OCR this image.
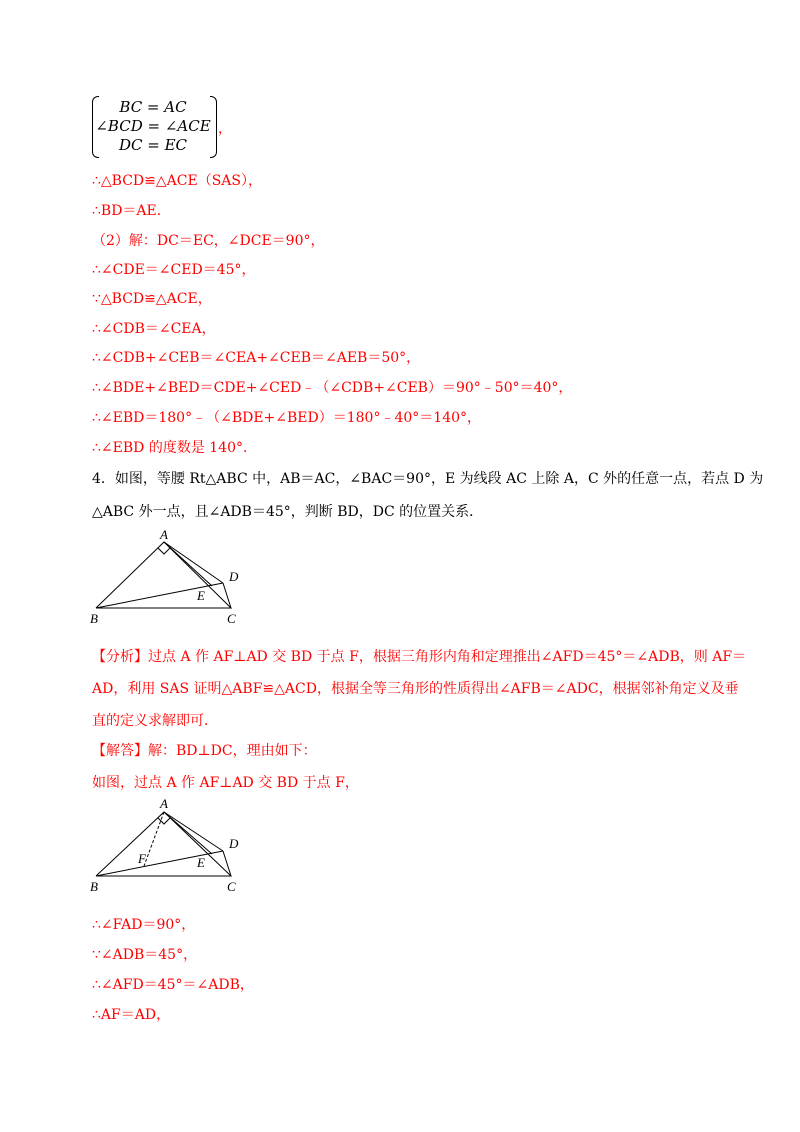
BC = AC
∠BCD = ∠ACE
DC = EC
，
∴△BCD≌△ACE（SAS），
∴BD＝AE．
（2）解：DC＝EC，∠DCE＝90°，
∴∠CDE＝∠CED＝45°，
∵△BCD≌△ACE，
∴∠CDB＝∠CEA，
∴∠CDB+∠CEB＝∠CEA+∠CEB＝∠AEB＝50°，
∴∠BDE+∠BED＝CDE+∠CED﹣（∠CDB+∠CEB）＝90°﹣50°＝40°，
∴∠EBD＝180°﹣（∠BDE+∠BED）＝180°﹣40°＝140°，
∴∠EBD 的度数是 140°．
4．如图，等腰 Rt△ABC 中，AB＝AC，∠BAC＝90°，E 为线段 AC 上除 A，C 外的任意一点，若点 D 为
△ABC 外一点，且∠ADB＝45°，判断 BD，DC 的位置关系．
A
B	C
D
E
【分析】过点 A 作 AF⊥AD 交 BD 于点 F，根据三角形内角和定理推出∠AFD＝45°＝∠ADB，则 AF＝
AD，利用 SAS 证明△ABF≌△ACD，根据全等三角形的性质得出∠AFB＝∠ADC，根据邻补角定义及垂
直的定义求解即可．
【解答】解：BD⊥DC，理由如下：
如图，过点 A 作 AF⊥AD 交 BD 于点 F，
A
B	C
D
E
F
∴∠FAD＝90°，
∵∠ADB＝45°，
∴∠AFD＝45°＝∠ADB，
∴AF＝AD，
